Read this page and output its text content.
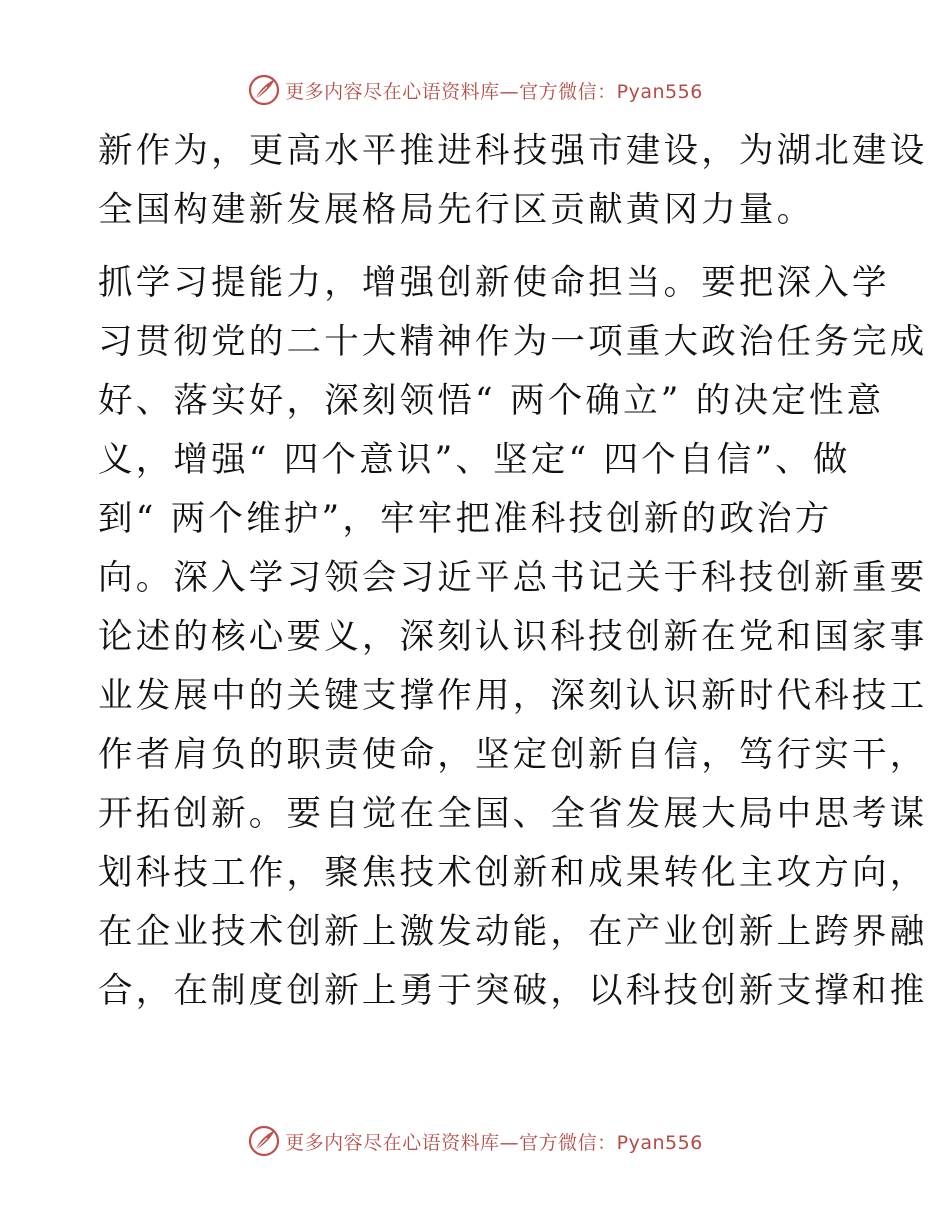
更多内容尽在心语资料库—官方微信：Pyan556
新作为，更高水平推进科技强市建设，为湖北建设
全国构建新发展格局先行区贡献黄冈力量。
抓学习提能力，增强创新使命担当。要把深入学
习贯彻党的二十大精神作为一项重大政治任务完成
好、落实好，深刻领悟“ 两个确立” 的决定性意
义，增强“ 四个意识”、坚定“ 四个自信”、做
到“ 两个维护”，牢牢把准科技创新的政治方
向。深入学习领会习近平总书记关于科技创新重要
论述的核心要义，深刻认识科技创新在党和国家事
业发展中的关键支撑作用，深刻认识新时代科技工
作者肩负的职责使命，坚定创新自信，笃行实干，
开拓创新。要自觉在全国、全省发展大局中思考谋
划科技工作，聚焦技术创新和成果转化主攻方向，
在企业技术创新上激发动能，在产业创新上跨界融
合，在制度创新上勇于突破，以科技创新支撑和推
更多内容尽在心语资料库—官方微信：Pyan556
